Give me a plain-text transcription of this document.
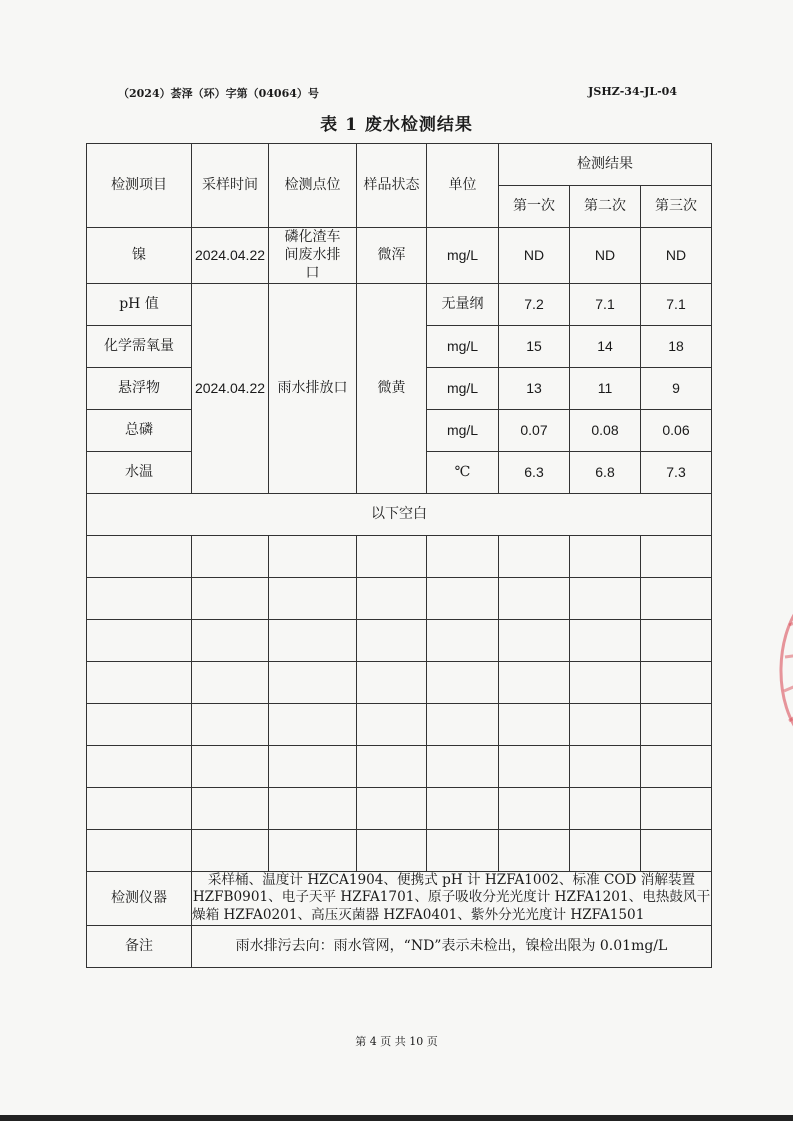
（2024）荟泽（环）字第（04064）号	JSHZ-34-JL-04
表 1 废水检测结果
检测项目	采样时间	检测点位	样品状态	单位	检测结果		
					第一次	第二次	第三次
镍	2024.04.22	磷化渣车间废水排口	微浑	mg/L	ND	ND	ND
pH 值	2024.04.22	雨水排放口	微黄	无量纲	7.2	7.1	7.1
化学需氧量				mg/L	15	14	18
悬浮物				mg/L	13	11	9
总磷				mg/L	0.07	0.08	0.06
水温				℃	6.3	6.8	7.3
以下空白							

检测仪器	采样桶、温度计 HZCA1904、便携式 pH 计 HZFA1002、标准 COD 消解装置 HZFB0901、电子天平 HZFA1701、原子吸收分光光度计 HZFA1201、电热鼓风干燥箱 HZFA0201、高压灭菌器 HZFA0401、紫外分光光度计 HZFA1501						
备注	雨水排污去向：雨水管网，“ND”表示未检出，镍检出限为 0.01mg/L						
第 4 页 共 10 页
